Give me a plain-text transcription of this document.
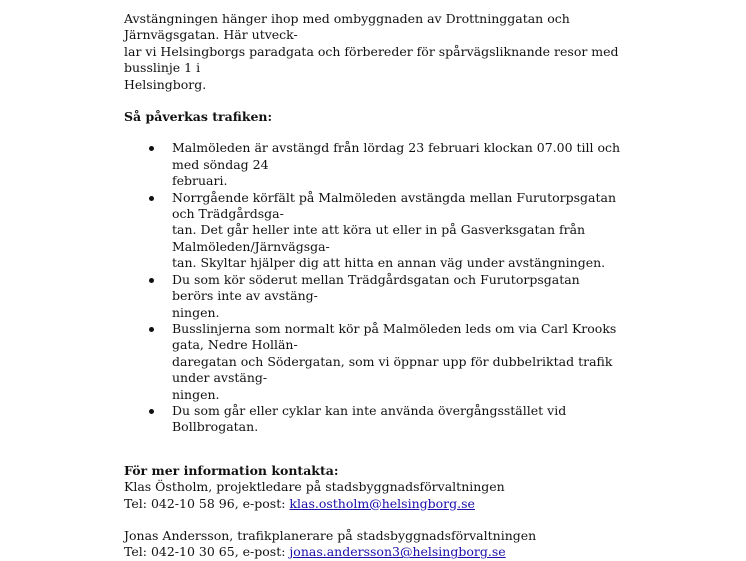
Avstängningen hänger ihop med ombyggnaden av Drottninggatan och Järnvägsgatan. Här utveck-
lar vi Helsingborgs paradgata och förbereder för spårvägsliknande resor med busslinje 1 i
Helsingborg.

Så påverkas trafiken:

Malmöleden är avstängd från lördag 23 februari klockan 07.00 till och med söndag 24
februari.
Norrgående körfält på Malmöleden avstängda mellan Furutorpsgatan och Trädgårdsga-
tan. Det går heller inte att köra ut eller in på Gasverksgatan från Malmöleden/Järnvägsga-
tan. Skyltar hjälper dig att hitta en annan väg under avstängningen.
Du som kör söderut mellan Trädgårdsgatan och Furutorpsgatan berörs inte av avstäng-
ningen.
Busslinjerna som normalt kör på Malmöleden leds om via Carl Krooks gata, Nedre Hollän-
daregatan och Södergatan, som vi öppnar upp för dubbelriktad trafik under avstäng-
ningen.
Du som går eller cyklar kan inte använda övergångsstället vid Bollbrogatan.

För mer information kontakta:

Klas Östholm, projektledare på stadsbyggnadsförvaltningen
Tel: 042-10 58 96, e-post: klas.ostholm@helsingborg.se
Jonas Andersson, trafikplanerare på stadsbyggnadsförvaltningen
Tel: 042-10 30 65, e-post: jonas.andersson3@helsingborg.se
